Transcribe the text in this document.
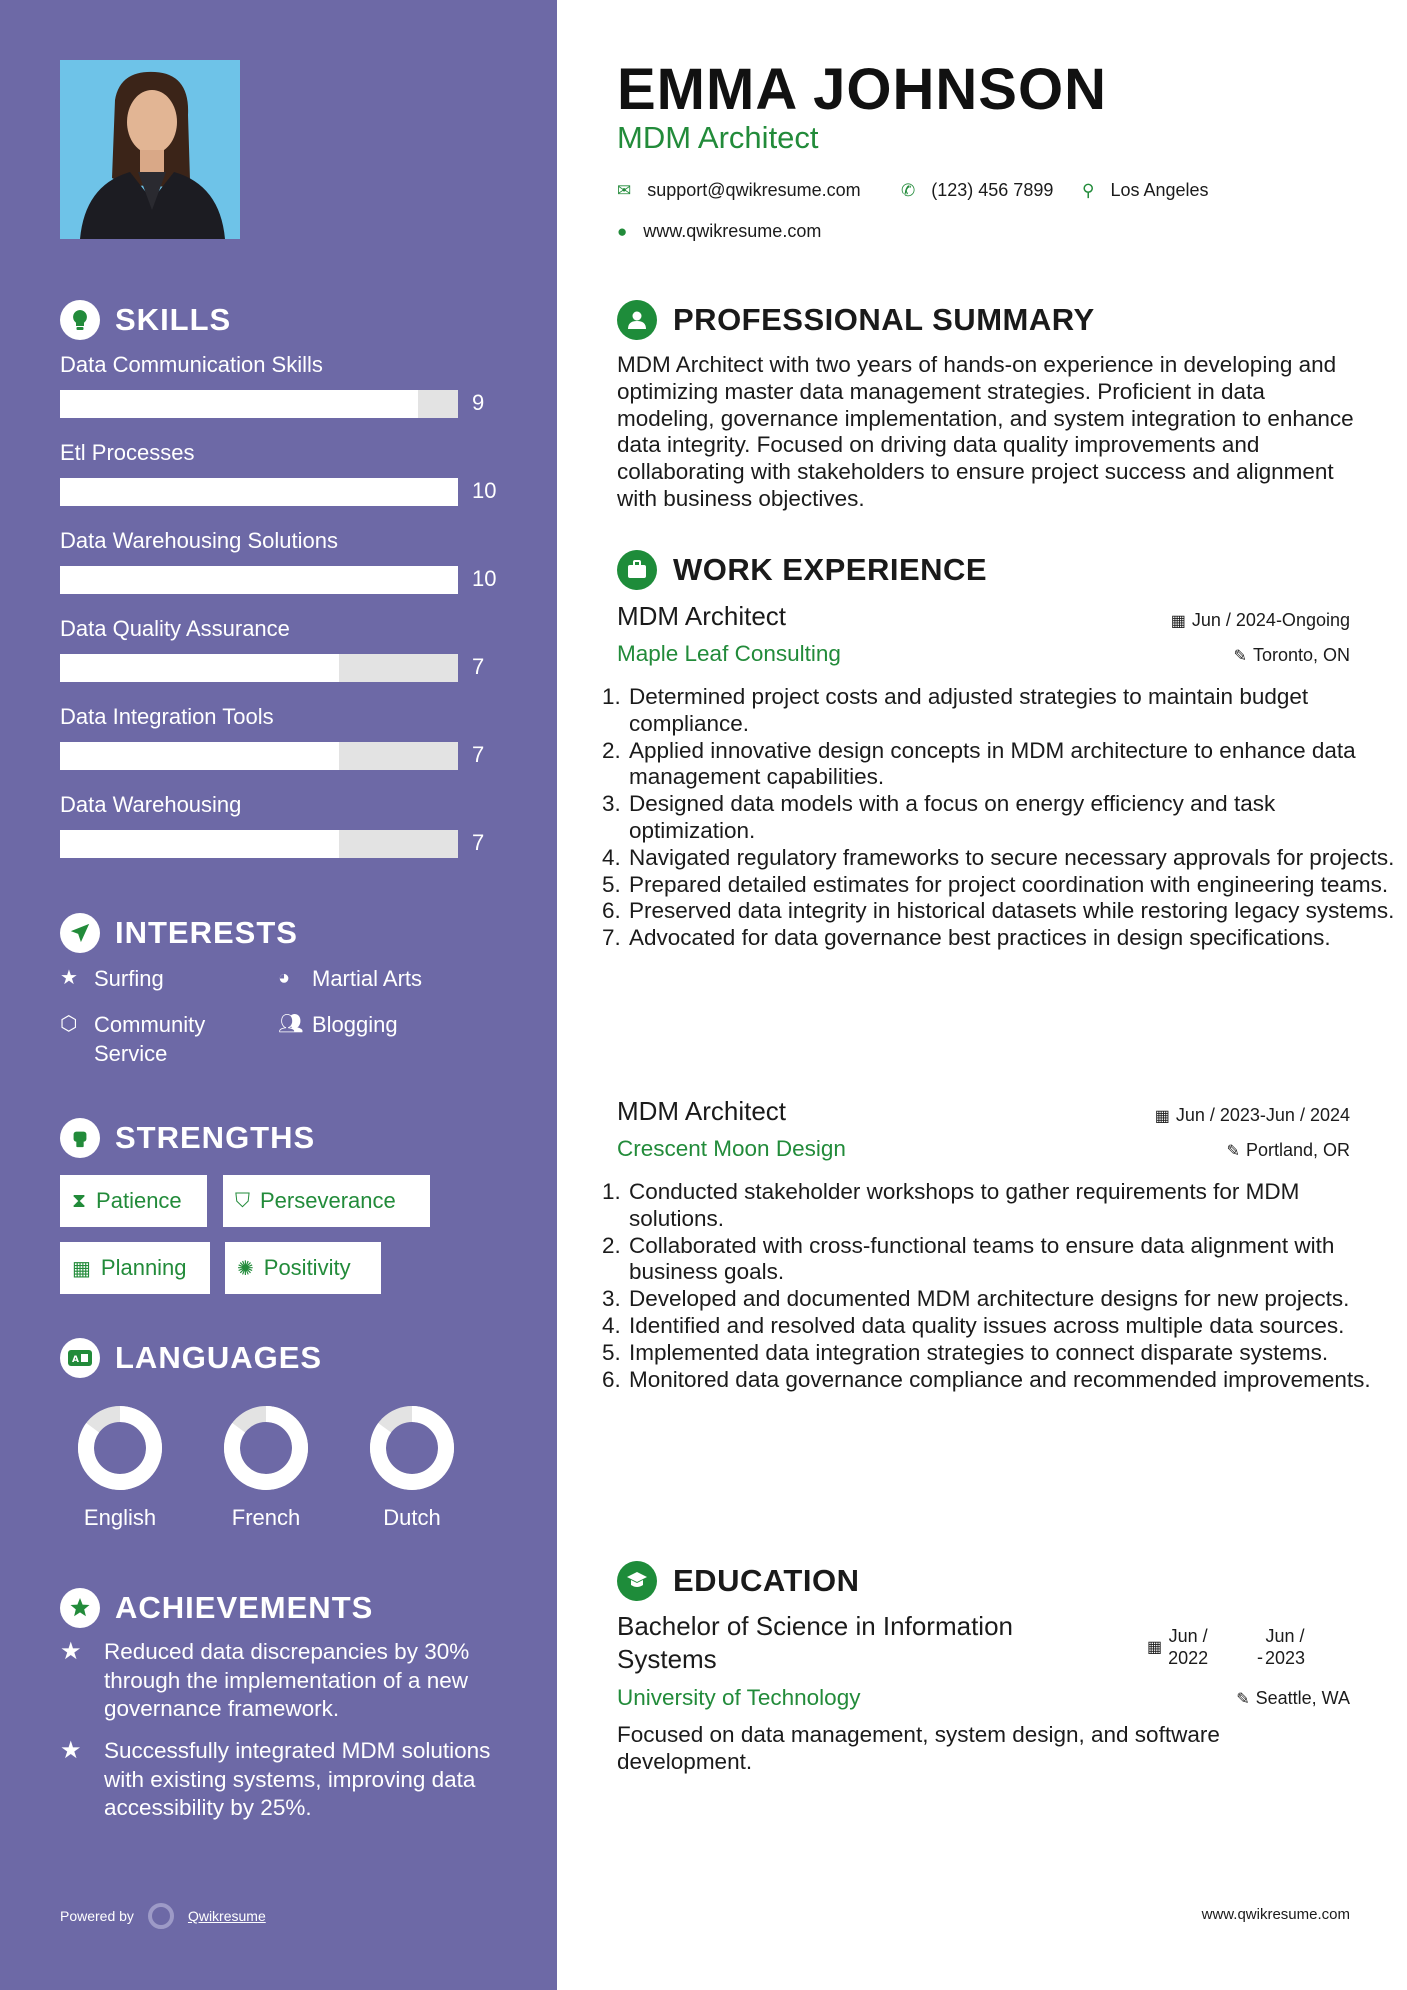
SKILLS
Data Communication Skills
9
Etl Processes
10
Data Warehousing Solutions
10
Data Quality Assurance
7
Data Integration Tools
7
Data Warehousing
7
INTERESTS
★ Surfing	◕ Martial Arts
⬡ Community Service
👥︎ Blogging
STRENGTHS
⧗ Patience	⛉ Perseverance
▦ Planning	✺ Positivity
A LANGUAGES
English	French	Dutch
ACHIEVEMENTS
★ Reduced data discrepancies by 30% through the implementation of a new governance framework.
★ Successfully integrated MDM solutions with existing systems, improving data accessibility by 25%.
Powered by	Qwikresume
EMMA JOHNSON
MDM Architect
✉ support@qwikresume.com ✆ (123) 456 7899 ⚲ Los Angeles
● www.qwikresume.com
PROFESSIONAL SUMMARY
MDM Architect with two years of hands-on experience in developing and optimizing master data management strategies. Proficient in data modeling, governance implementation, and system integration to enhance data integrity. Focused on driving data quality improvements and collaborating with stakeholders to ensure project success and alignment with business objectives.
WORK EXPERIENCE
MDM Architect	▦ Jun / 2024-Ongoing
Maple Leaf Consulting	✎ Toronto, ON
1. Determined project costs and adjusted strategies to maintain budget compliance.
2. Applied innovative design concepts in MDM architecture to enhance data management capabilities.
3. Designed data models with a focus on energy efficiency and task optimization.
4. Navigated regulatory frameworks to secure necessary approvals for projects.
5. Prepared detailed estimates for project coordination with engineering teams.
6. Preserved data integrity in historical datasets while restoring legacy systems.
7. Advocated for data governance best practices in design specifications.
MDM Architect	▦ Jun / 2023-Jun / 2024
Crescent Moon Design	✎ Portland, OR
1. Conducted stakeholder workshops to gather requirements for MDM solutions.
2. Collaborated with cross-functional teams to ensure data alignment with business goals.
3. Developed and documented MDM architecture designs for new projects.
4. Identified and resolved data quality issues across multiple data sources.
5. Implemented data integration strategies to connect disparate systems.
6. Monitored data governance compliance and recommended improvements.
EDUCATION
Bachelor of Science in Information Systems	▦
Jun /
2022	-
Jun /
2023
University of Technology	✎ Seattle, WA
Focused on data management, system design, and software development.
www.qwikresume.com
